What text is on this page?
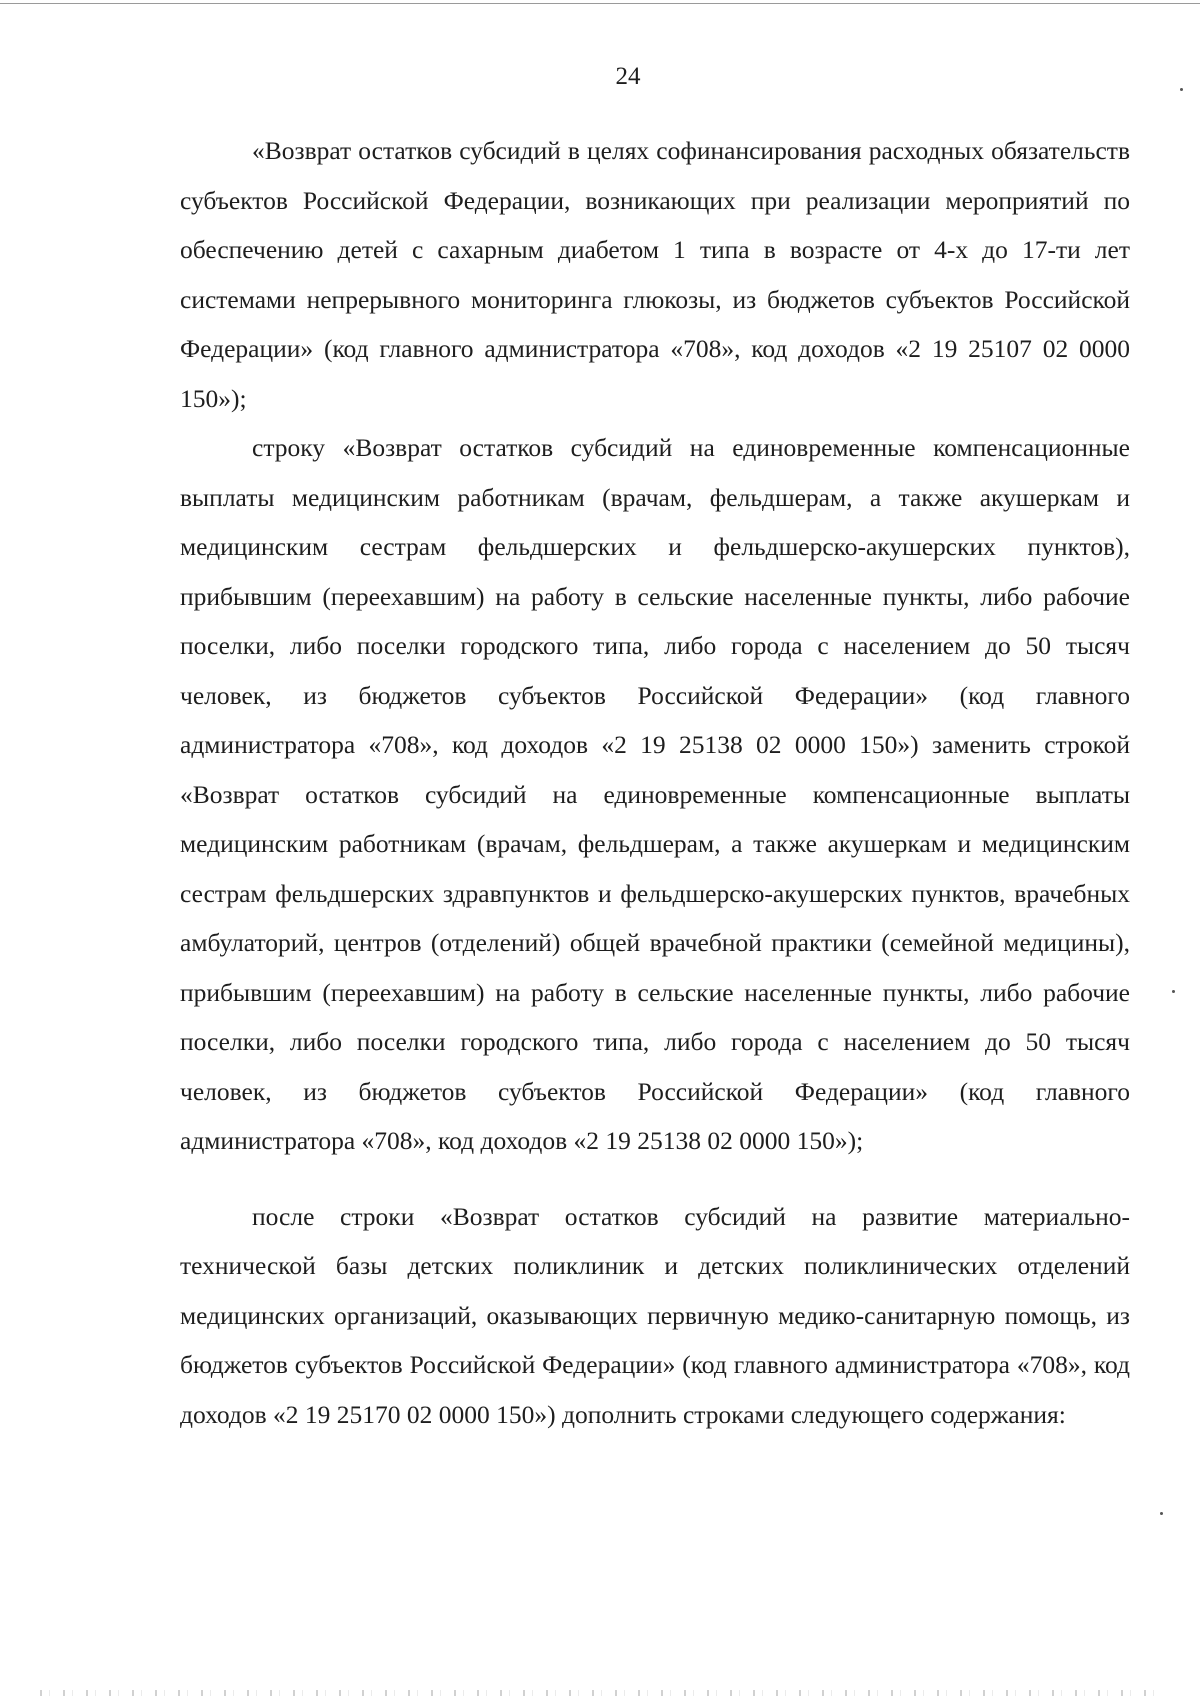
24

«Возврат остатков субсидий в целях софинансирования расходных обязательств субъектов Российской Федерации, возникающих при реализации мероприятий по обеспечению детей с сахарным диабетом 1 типа в возрасте от 4-х до 17-ти лет системами непрерывного мониторинга глюкозы, из бюджетов субъектов Российской Федерации» (код главного администратора «708», код доходов «2 19 25107 02 0000 150»);

строку «Возврат остатков субсидий на единовременные компенсационные выплаты медицинским работникам (врачам, фельдшерам, а также акушеркам и медицинским сестрам фельдшерских и фельдшерско-акушерских пунктов), прибывшим (переехавшим) на работу в сельские населенные пункты, либо рабочие поселки, либо поселки городского типа, либо города с населением до 50 тысяч человек, из бюджетов субъектов Российской Федерации» (код главного администратора «708», код доходов «2 19 25138 02 0000 150») заменить строкой «Возврат остатков субсидий на единовременные компенсационные выплаты медицинским работникам (врачам, фельдшерам, а также акушеркам и медицинским сестрам фельдшерских здравпунктов и фельдшерско-акушерских пунктов, врачебных амбулаторий, центров (отделений) общей врачебной практики (семейной медицины), прибывшим (переехавшим) на работу в сельские населенные пункты, либо рабочие поселки, либо поселки городского типа, либо города с населением до 50 тысяч человек, из бюджетов субъектов Российской Федерации» (код главного администратора «708», код доходов «2 19 25138 02 0000 150»);

после строки «Возврат остатков субсидий на развитие материально-технической базы детских поликлиник и детских поликлинических отделений медицинских организаций, оказывающих первичную медико-санитарную помощь, из бюджетов субъектов Российской Федерации» (код главного администратора «708», код доходов «2 19 25170 02 0000 150») дополнить строками следующего содержания:
